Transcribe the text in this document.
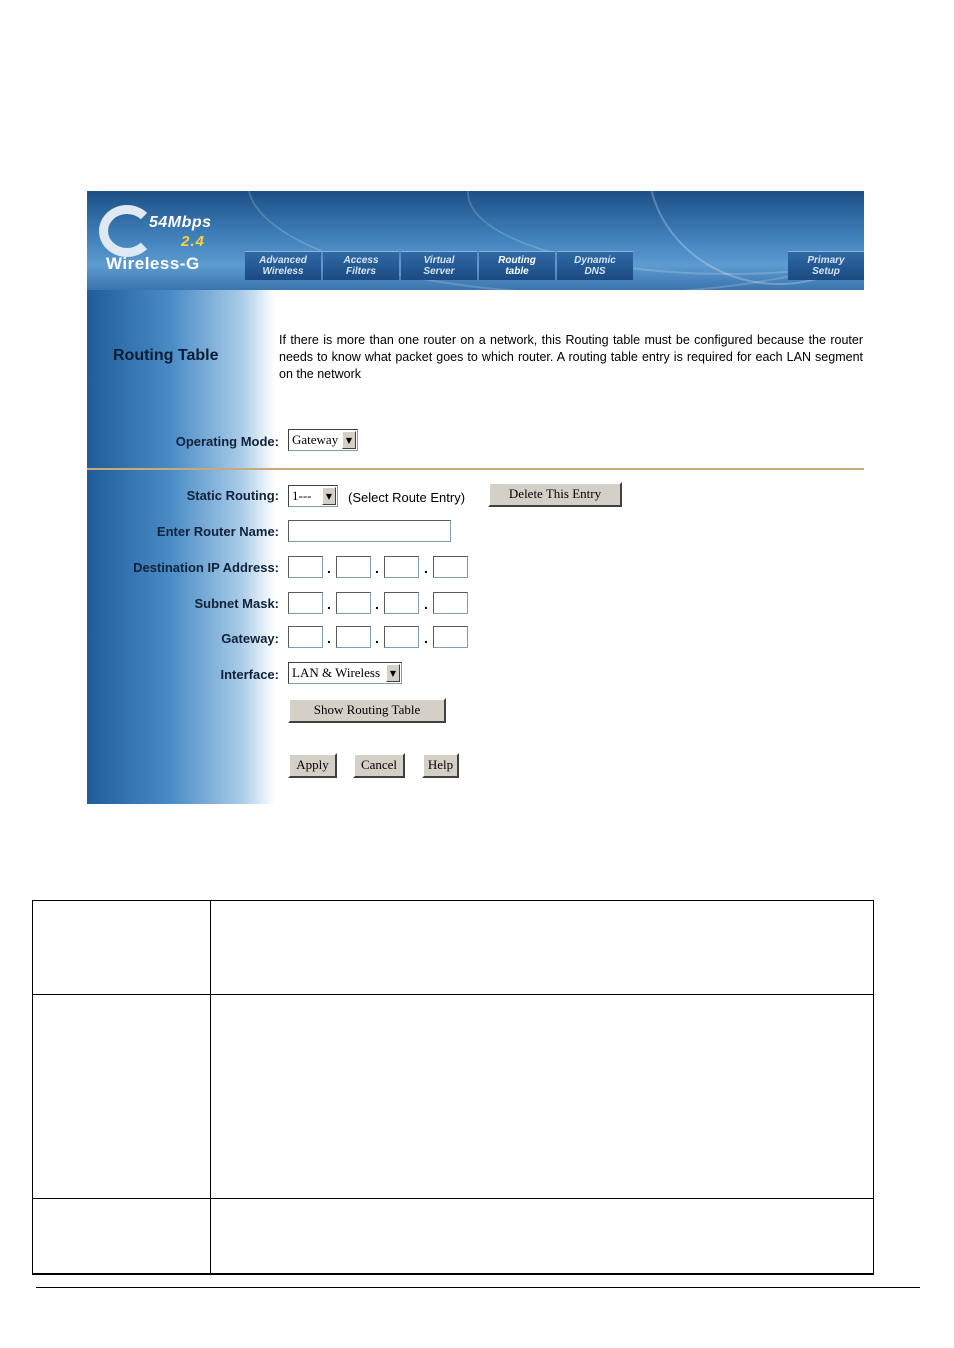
54Mbps
2.4
Wireless-G	Advanced
Wireless
Access
Filters
Virtual
Server
Routing
table
Dynamic
DNS
Primary
Setup
Routing Table
If there is more than one router on a network, this Routing table must be configured because the router needs to know what packet goes to which router. A routing table entry is required for each LAN segment on the network
Operating Mode:	Gateway ▼
Static Routing:	1---	▼	(Select Route Entry)	Delete This Entry
Enter Router Name:
Destination IP Address:	.	.	.
Subnet Mask:	.	.	.
Gateway:	.	.	.
Interface:	LAN & Wireless	▼
Show Routing Table
Apply	Cancel	Help
